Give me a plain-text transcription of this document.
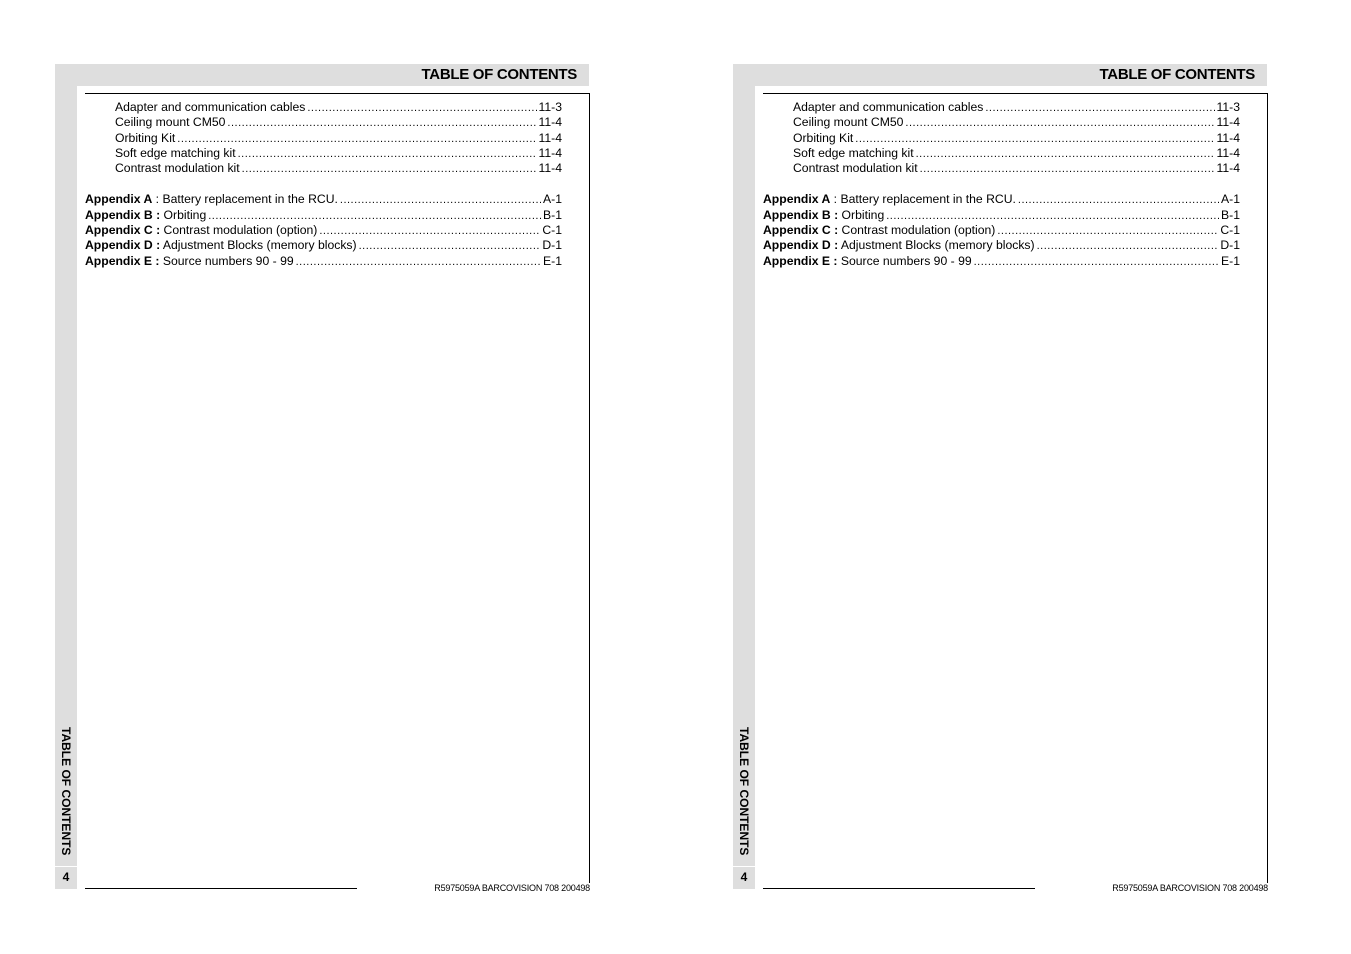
TABLE OF CONTENTS
4
TABLE OF CONTENTS
Adapter and communication cables .....	11-3
Ceiling mount CM50 .....	11-4
Orbiting Kit .....	11-4
Soft edge matching kit .....	11-4
Contrast modulation kit .....	11-4
Appendix A : Battery replacement in the RCU. .....	A-1
Appendix B : Orbiting .....	B-1
Appendix C : Contrast modulation (option) .....	C-1
Appendix D : Adjustment Blocks (memory blocks) .....	D-1
Appendix E : Source numbers 90 - 99 .....	E-1
R5975059A BARCOVISION 708 200498
TABLE OF CONTENTS
4
TABLE OF CONTENTS
Adapter and communication cables .....	11-3
Ceiling mount CM50 .....	11-4
Orbiting Kit .....	11-4
Soft edge matching kit .....	11-4
Contrast modulation kit .....	11-4
Appendix A : Battery replacement in the RCU. .....	A-1
Appendix B : Orbiting .....	B-1
Appendix C : Contrast modulation (option) .....	C-1
Appendix D : Adjustment Blocks (memory blocks) .....	D-1
Appendix E : Source numbers 90 - 99 .....	E-1
R5975059A BARCOVISION 708 200498
